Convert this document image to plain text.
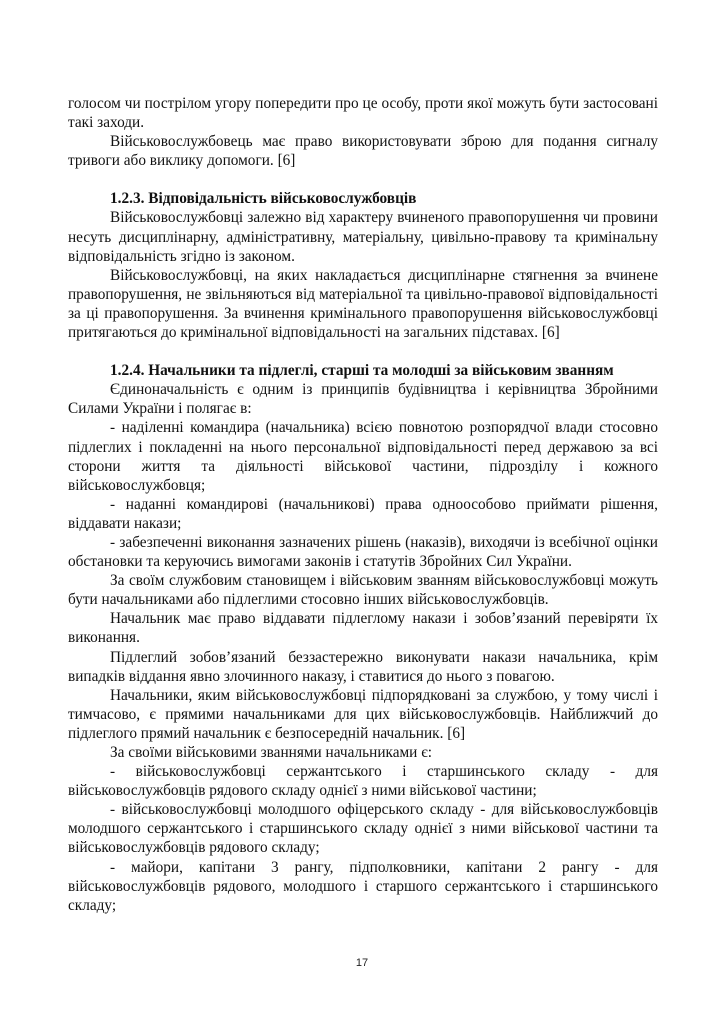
голосом чи пострілом угору попередити про це особу, проти якої можуть бути застосовані такі заходи.

Військовослужбовець має право використовувати зброю для подання сигналу тривоги або виклику допомоги. [6]

1.2.3. Відповідальність військовослужбовців

Військовослужбовці залежно від характеру вчиненого правопорушення чи провини несуть дисциплінарну, адміністративну, матеріальну, цивільно-правову та кримінальну відповідальність згідно із законом.

Військовослужбовці, на яких накладається дисциплінарне стягнення за вчинене правопорушення, не звільняються від матеріальної та цивільно-правової відповідальності за ці правопорушення. За вчинення кримінального правопорушення військовослужбовці притягаються до кримінальної відповідальності на загальних підставах. [6]

1.2.4. Начальники та підлеглі, старші та молодші за військовим званням

Єдиноначальність є одним із принципів будівництва і керівництва Збройними Силами України і полягає в:

- наділенні командира (начальника) всією повнотою розпорядчої влади стосовно підлеглих і покладенні на нього персональної відповідальності перед державою за всі сторони життя та діяльності військової частини, підрозділу і кожного військовослужбовця;

- наданні командирові (начальникові) права одноособово приймати рішення, віддавати накази;

- забезпеченні виконання зазначених рішень (наказів), виходячи із всебічної оцінки обстановки та керуючись вимогами законів і статутів Збройних Сил України.

За своїм службовим становищем і військовим званням військовослужбовці можуть бути начальниками або підлеглими стосовно інших військовослужбовців.

Начальник має право віддавати підлеглому накази і зобов’язаний перевіряти їх виконання.

Підлеглий зобов’язаний беззастережно виконувати накази начальника, крім випадків віддання явно злочинного наказу, і ставитися до нього з повагою.

Начальники, яким військовослужбовці підпорядковані за службою, у тому числі і тимчасово, є прямими начальниками для цих військовослужбовців. Найближчий до підлеглого прямий начальник є безпосередній начальник. [6]

За своїми військовими званнями начальниками є:

- військовослужбовці сержантського і старшинського складу - для військовослужбовців рядового складу однієї з ними військової частини;

- військовослужбовці молодшого офіцерського складу - для військовослужбовців молодшого сержантського і старшинського складу однієї з ними військової частини та військовослужбовців рядового складу;

- майори, капітани 3 рангу, підполковники, капітани 2 рангу - для військовослужбовців рядового, молодшого і старшого сержантського і старшинського складу;

17
